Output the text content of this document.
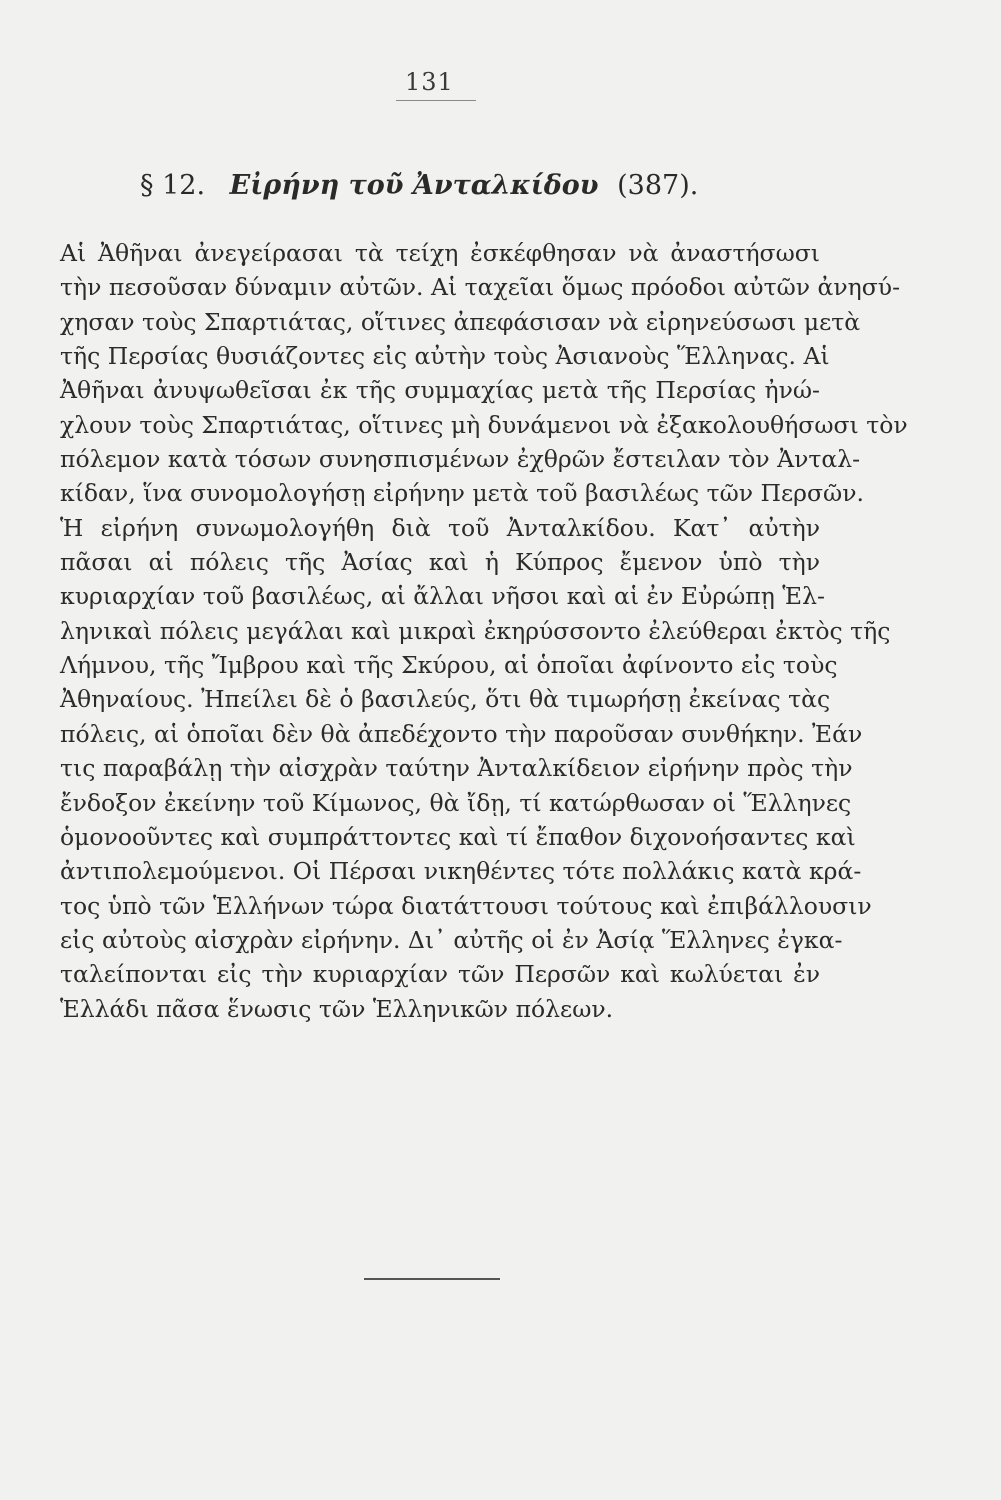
131
§ 12. Εἰρήνη τοῦ Ἀνταλκίδου (387).
Αἱ Ἀθῆναι ἀνεγείρασαι τὰ τείχη ἐσκέφθησαν νὰ ἀναστήσωσι
τὴν πεσοῦσαν δύναμιν αὐτῶν. Αἱ ταχεῖαι ὅμως πρόοδοι αὐτῶν ἀνησύ-
χησαν τοὺς Σπαρτιάτας, οἵτινες ἀπεφάσισαν νὰ εἰρηνεύσωσι μετὰ
τῆς Περσίας θυσιάζοντες εἰς αὐτὴν τοὺς Ἀσιανοὺς Ἕλληνας. Αἱ
Ἀθῆναι ἀνυψωθεῖσαι ἐκ τῆς συμμαχίας μετὰ τῆς Περσίας ἠνώ-
χλουν τοὺς Σπαρτιάτας, οἵτινες μὴ δυνάμενοι νὰ ἐξακολουθήσωσι τὸν
πόλεμον κατὰ τόσων συνησπισμένων ἐχθρῶν ἔστειλαν τὸν Ἀνταλ-
κίδαν, ἵνα συνομολογήσῃ εἰρήνην μετὰ τοῦ βασιλέως τῶν Περσῶν.
Ἡ εἰρήνη συνωμολογήθη διὰ τοῦ Ἀνταλκίδου. Κατ᾽ αὐτὴν
πᾶσαι αἱ πόλεις τῆς Ἀσίας καὶ ἡ Κύπρος ἔμενον ὑπὸ τὴν
κυριαρχίαν τοῦ βασιλέως, αἱ ἄλλαι νῆσοι καὶ αἱ ἐν Εὐρώπῃ Ἑλ-
ληνικαὶ πόλεις μεγάλαι καὶ μικραὶ ἐκηρύσσοντο ἐλεύθεραι ἐκτὸς τῆς
Λήμνου, τῆς Ἴμβρου καὶ τῆς Σκύρου, αἱ ὁποῖαι ἀφίνοντο εἰς τοὺς
Ἀθηναίους. Ἠπείλει δὲ ὁ βασιλεύς, ὅτι θὰ τιμωρήσῃ ἐκείνας τὰς
πόλεις, αἱ ὁποῖαι δὲν θὰ ἀπεδέχοντο τὴν παροῦσαν συνθήκην. Ἐάν
τις παραβάλῃ τὴν αἰσχρὰν ταύτην Ἀνταλκίδειον εἰρήνην πρὸς τὴν
ἔνδοξον ἐκείνην τοῦ Κίμωνος, θὰ ἴδῃ, τί κατώρθωσαν οἱ Ἕλληνες
ὁμονοοῦντες καὶ συμπράττοντες καὶ τί ἔπαθον διχονοήσαντες καὶ
ἀντιπολεμούμενοι. Οἱ Πέρσαι νικηθέντες τότε πολλάκις κατὰ κρά-
τος ὑπὸ τῶν Ἑλλήνων τώρα διατάττουσι τούτους καὶ ἐπιβάλλουσιν
εἰς αὐτοὺς αἰσχρὰν εἰρήνην. Δι᾽ αὐτῆς οἱ ἐν Ἀσίᾳ Ἕλληνες ἐγκα-
ταλείπονται εἰς τὴν κυριαρχίαν τῶν Περσῶν καὶ κωλύεται ἐν
Ἑλλάδι πᾶσα ἕνωσις τῶν Ἑλληνικῶν πόλεων.
